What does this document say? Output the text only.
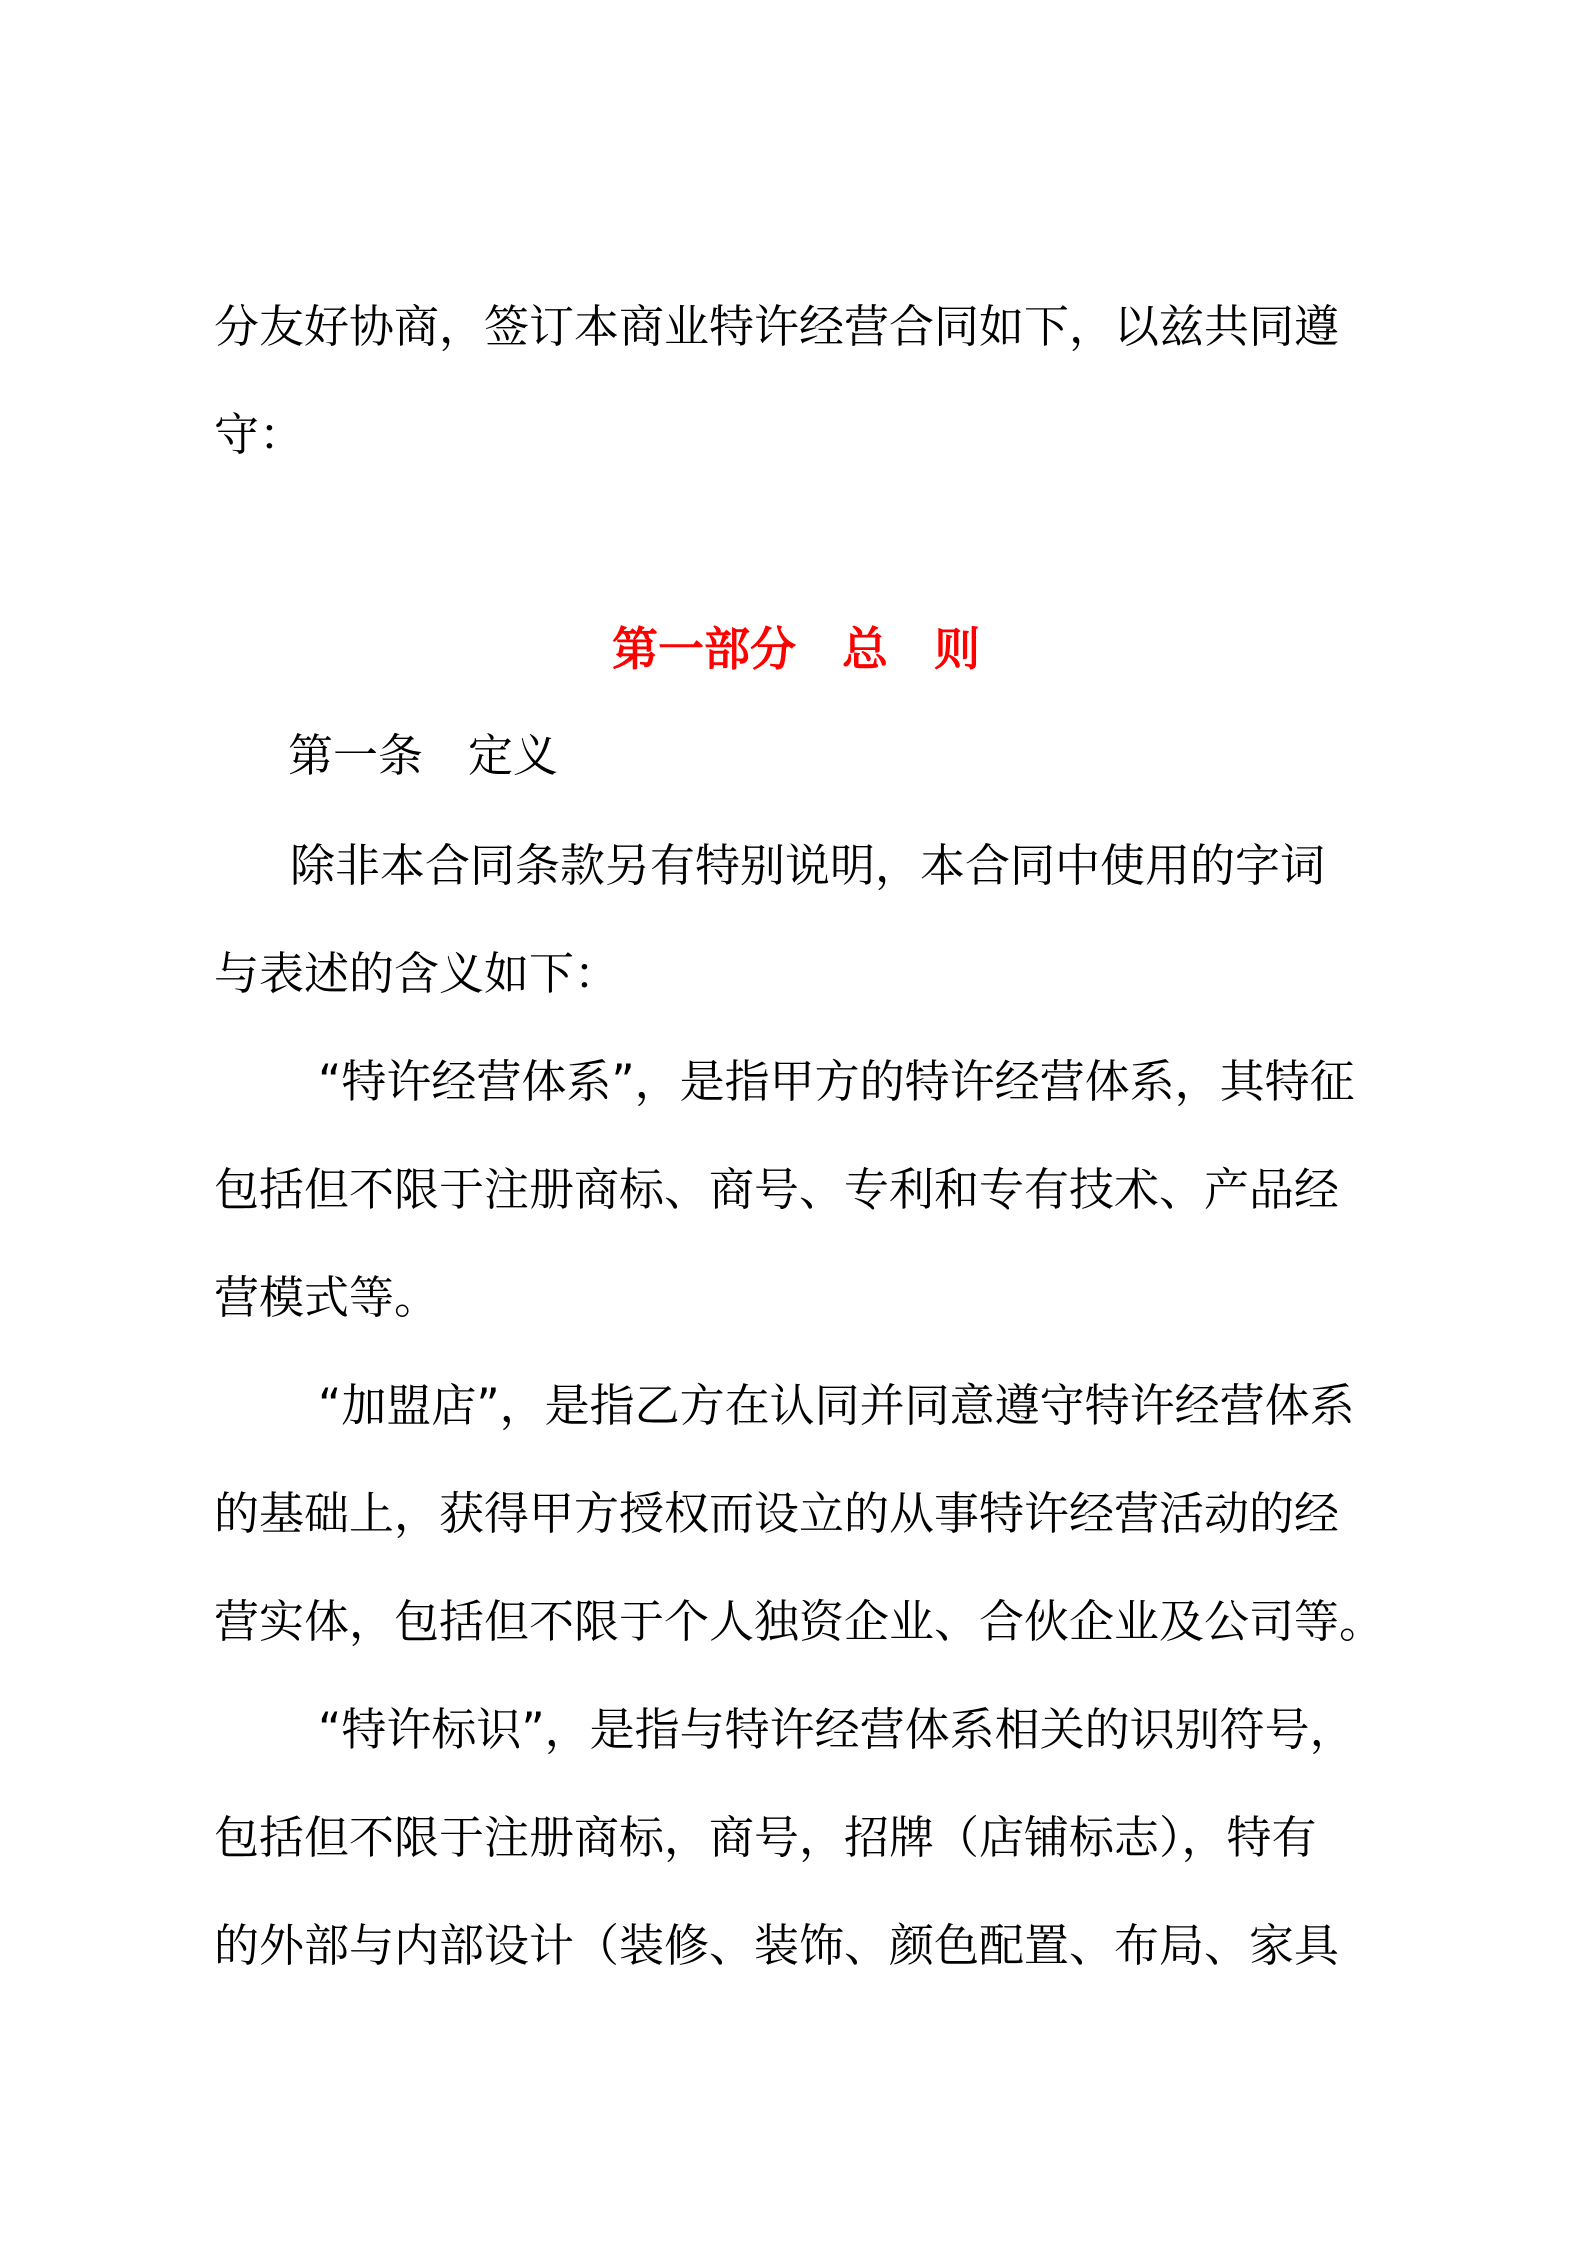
分友好协商，签订本商业特许经营合同如下，以兹共同遵
守：
第一部分　总　则
第一条　定义
除非本合同条款另有特别说明，本合同中使用的字词
与表述的含义如下：
“特许经营体系”，是指甲方的特许经营体系，其特征
包括但不限于注册商标、商号、专利和专有技术、产品经
营模式等。
“加盟店”，是指乙方在认同并同意遵守特许经营体系
的基础上，获得甲方授权而设立的从事特许经营活动的经
营实体，包括但不限于个人独资企业、合伙企业及公司等。
“特许标识”，是指与特许经营体系相关的识别符号，
包括但不限于注册商标，商号，招牌（店铺标志），特有
的外部与内部设计（装修、装饰、颜色配置、布局、家具
